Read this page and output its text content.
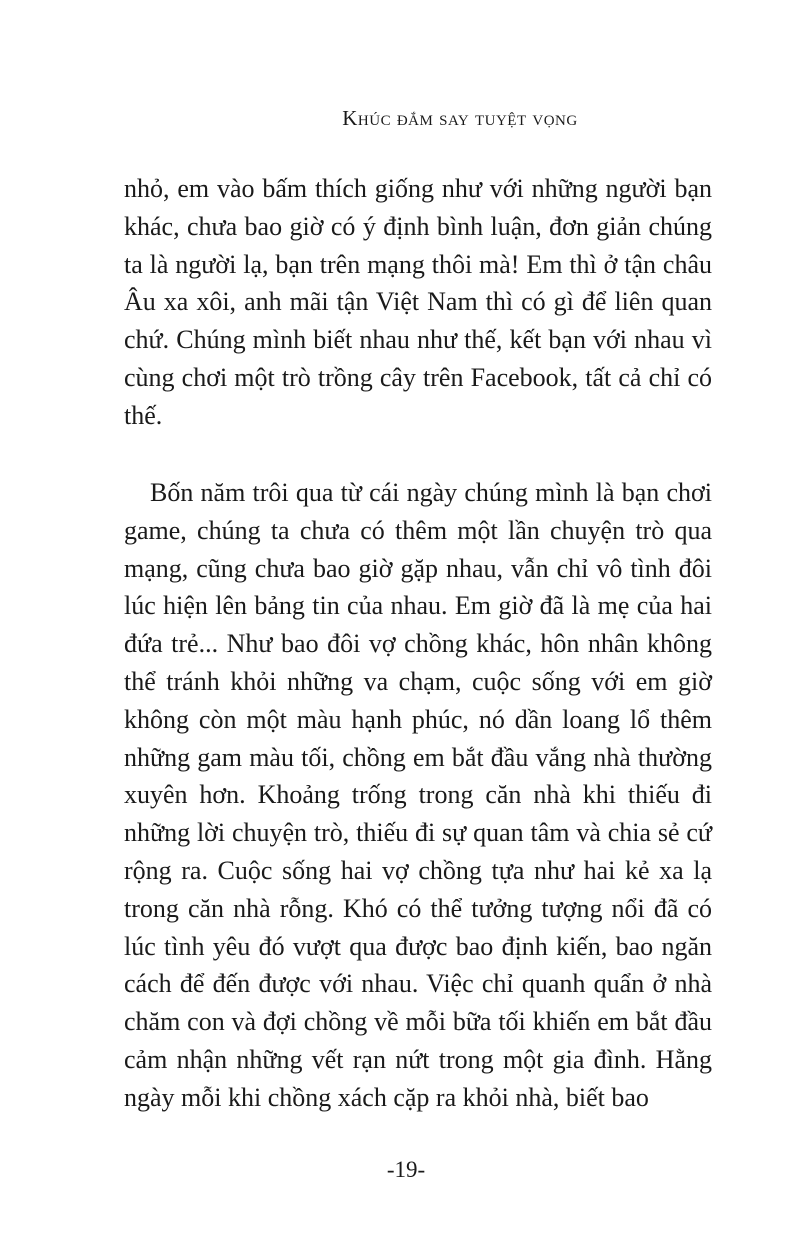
Khúc đắm say tuyệt vọng

nhỏ, em vào bấm thích giống như với những người bạn khác, chưa bao giờ có ý định bình luận, đơn giản chúng ta là người lạ, bạn trên mạng thôi mà! Em thì ở tận châu Âu xa xôi, anh mãi tận Việt Nam thì có gì để liên quan chứ. Chúng mình biết nhau như thế, kết bạn với nhau vì cùng chơi một trò trồng cây trên Facebook, tất cả chỉ có thế.

Bốn năm trôi qua từ cái ngày chúng mình là bạn chơi game, chúng ta chưa có thêm một lần chuyện trò qua mạng, cũng chưa bao giờ gặp nhau, vẫn chỉ vô tình đôi lúc hiện lên bảng tin của nhau. Em giờ đã là mẹ của hai đứa trẻ... Như bao đôi vợ chồng khác, hôn nhân không thể tránh khỏi những va chạm, cuộc sống với em giờ không còn một màu hạnh phúc, nó dần loang lổ thêm những gam màu tối, chồng em bắt đầu vắng nhà thường xuyên hơn. Khoảng trống trong căn nhà khi thiếu đi những lời chuyện trò, thiếu đi sự quan tâm và chia sẻ cứ rộng ra. Cuộc sống hai vợ chồng tựa như hai kẻ xa lạ trong căn nhà rỗng. Khó có thể tưởng tượng nổi đã có lúc tình yêu đó vượt qua được bao định kiến, bao ngăn cách để đến được với nhau. Việc chỉ quanh quẩn ở nhà chăm con và đợi chồng về mỗi bữa tối khiến em bắt đầu cảm nhận những vết rạn nứt trong một gia đình. Hằng ngày mỗi khi chồng xách cặp ra khỏi nhà, biết bao

-19-
